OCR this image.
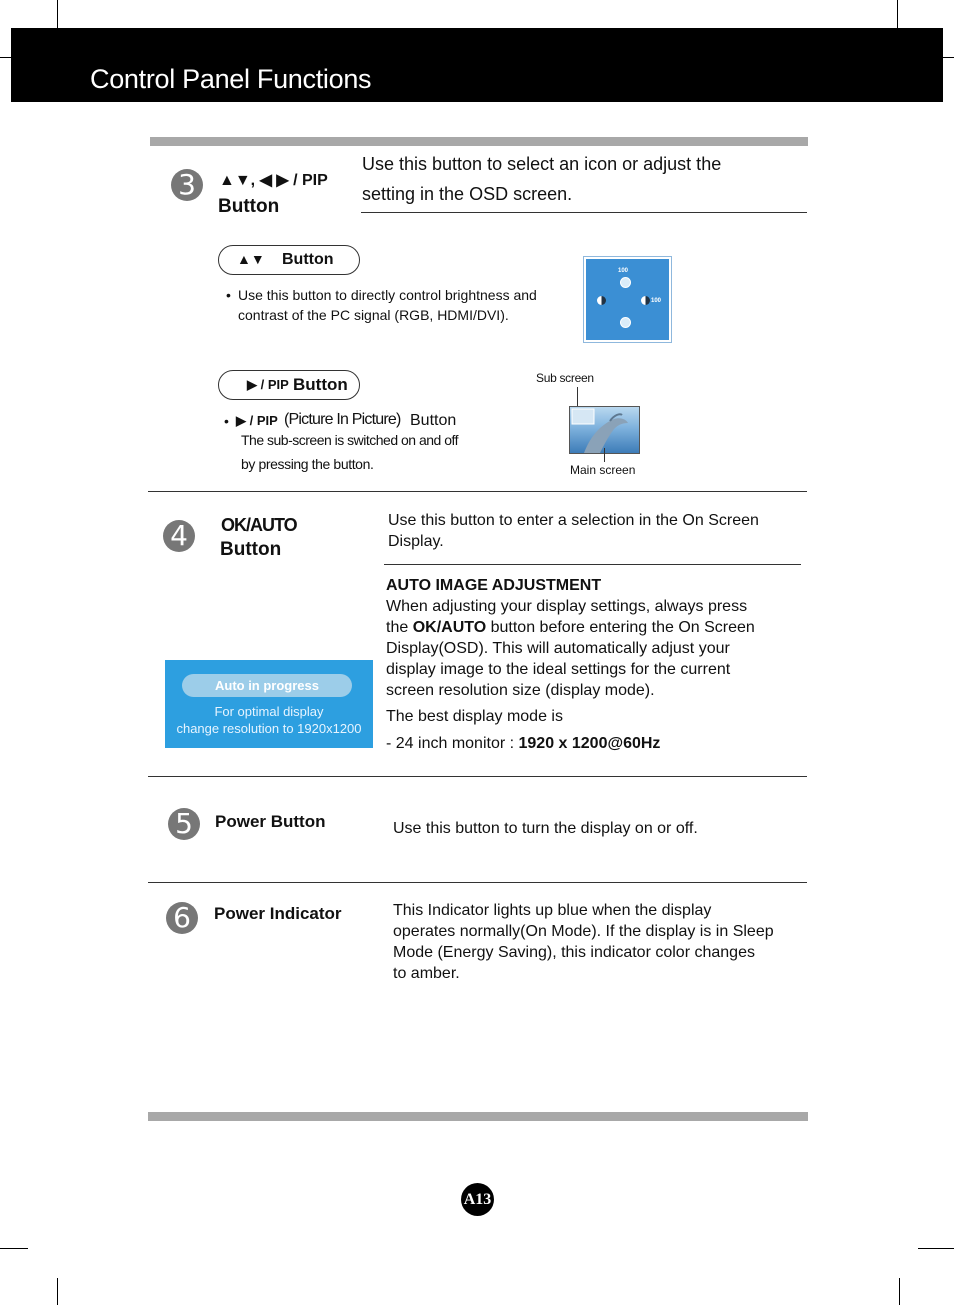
Control Panel Functions
3	▲▼, ◀ ▶ / PIP
Button
Use this button to select an icon or adjust the
setting in the OSD screen.
▲▼ Button
• Use this button to directly control brightness and
contrast of the PC signal (RGB, HDMI/DVI).
100
100
▶ / PIP Button
• ▶ / PIP (Picture In Picture) Button
The sub-screen is switched on and off
by pressing the button.
Sub screen
Main screen
4	OK/AUTO
Button
Use this button to enter a selection in the On Screen
Display.
AUTO IMAGE ADJUSTMENT
When adjusting your display settings, always press
the OK/AUTO button before entering the On Screen
Display(OSD). This will automatically adjust your
display image to the ideal settings for the current
screen resolution size (display mode).
The best display mode is
- 24 inch monitor : 1920 x 1200@60Hz
Auto in progress
For optimal display
change resolution to 1920x1200
5	Power Button	Use this button to turn the display on or off.
6	Power Indicator	This Indicator lights up blue when the display
operates normally(On Mode). If the display is in Sleep
Mode (Energy Saving), this indicator color changes
to amber.
A13
